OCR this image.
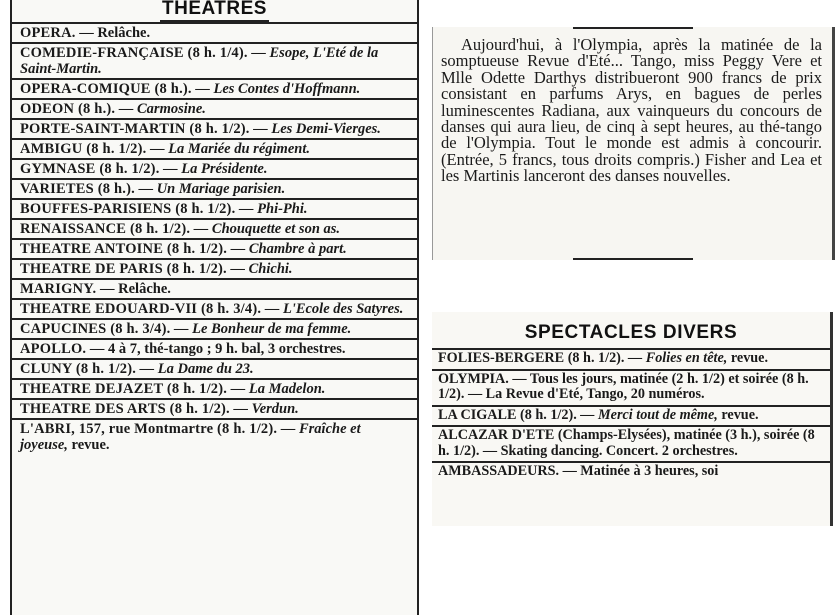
THEATRES
OPERA. — Relâche.
COMEDIE-FRANÇAISE (8 h. 1/4). — Esope, L'Eté de la Saint-Martin.
OPERA-COMIQUE (8 h.). — Les Contes d'Hoffmann.
ODEON (8 h.). — Carmosine.
PORTE-SAINT-MARTIN (8 h. 1/2). — Les Demi-Vierges.
AMBIGU (8 h. 1/2). — La Mariée du régiment.
GYMNASE (8 h. 1/2). — La Présidente.
VARIETES (8 h.). — Un Mariage parisien.
BOUFFES-PARISIENS (8 h. 1/2). — Phi-Phi.
RENAISSANCE (8 h. 1/2). — Chouquette et son as.
THEATRE ANTOINE (8 h. 1/2). — Chambre à part.
THEATRE DE PARIS (8 h. 1/2). — Chichi.
MARIGNY. — Relâche.
THEATRE EDOUARD-VII (8 h. 3/4). — L'Ecole des Satyres.
CAPUCINES (8 h. 3/4). — Le Bonheur de ma femme.
APOLLO. — 4 à 7, thé-tango ; 9 h. bal, 3 orchestres.
CLUNY (8 h. 1/2). — La Dame du 23.
THEATRE DEJAZET (8 h. 1/2). — La Madelon.
THEATRE DES ARTS (8 h. 1/2). — Verdun.
L'ABRI, 157, rue Montmartre (8 h. 1/2). — Fraîche et joyeuse, revue.
Aujourd'hui, à l'Olympia, après la matinée de la somptueuse Revue d'Eté... Tango, miss Peggy Vere et Mlle Odette Darthys distribueront 900 francs de prix consistant en parfums Arys, en bagues de perles luminescentes Radiana, aux vainqueurs du concours de danses qui aura lieu, de cinq à sept heures, au thé-tango de l'Olympia. Tout le monde est admis à concourir. (Entrée, 5 francs, tous droits compris.) Fisher and Lea et les Martinis lanceront des danses nouvelles.
SPECTACLES DIVERS
FOLIES-BERGERE (8 h. 1/2). — Folies en tête, revue.
OLYMPIA. — Tous les jours, matinée (2 h. 1/2) et soirée (8 h. 1/2). — La Revue d'Eté, Tango, 20 numéros.
LA CIGALE (8 h. 1/2). — Merci tout de même, revue.
ALCAZAR D'ETE (Champs-Elysées), matinée (3 h.), soirée (8 h. 1/2). — Skating dancing. Concert. 2 orchestres.
AMBASSADEURS. — Matinée à 3 heures, soi
